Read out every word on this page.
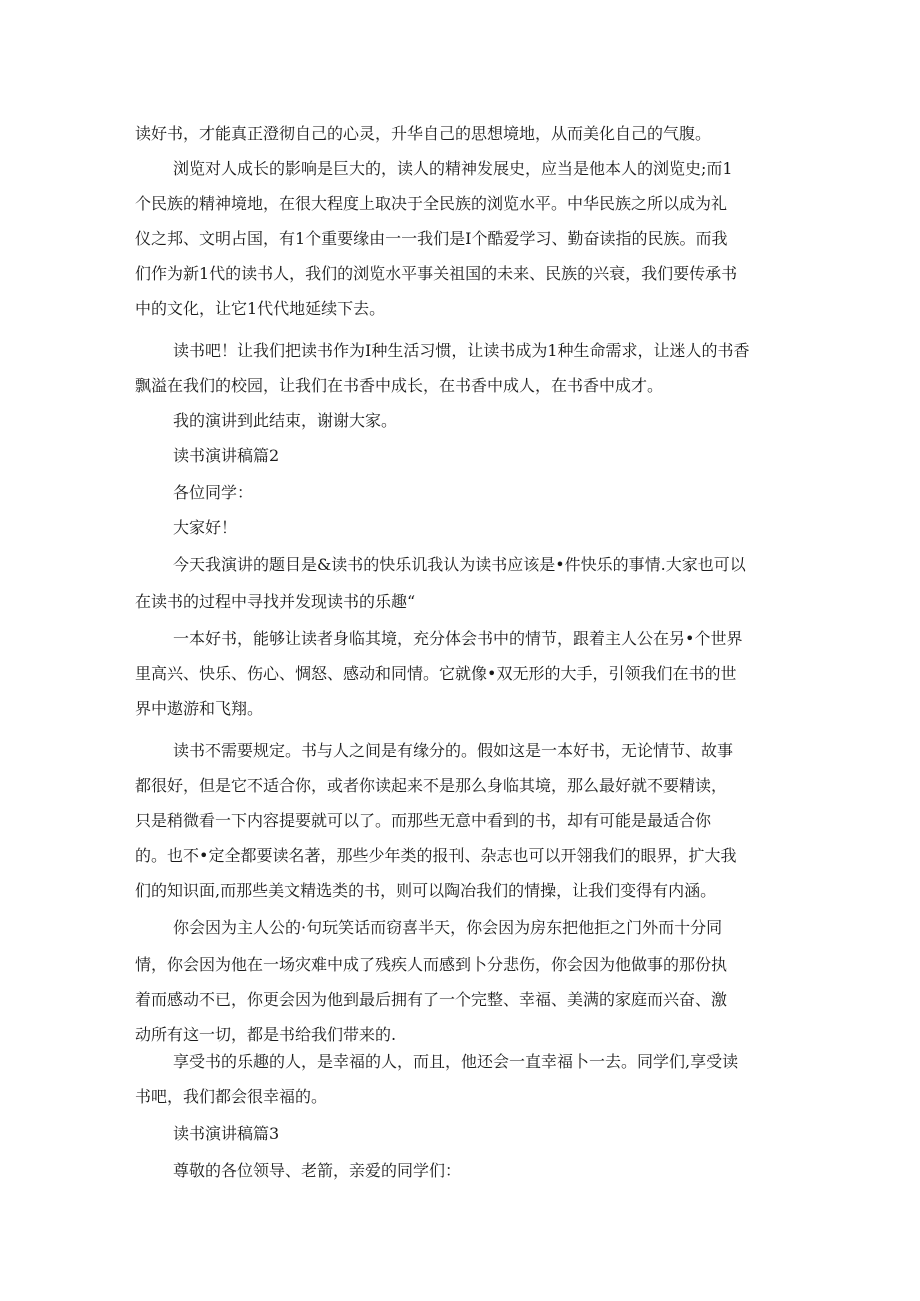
读好书，才能真正澄彻自己的心灵，升华自己的思想境地，从而美化自己的气腹。

浏览对人成长的影响是巨大的，读人的精神发展史，应当是他本人的浏览史;而1

个民族的精神境地，在很大程度上取决于全民族的浏览水平。中华民族之所以成为礼

仪之邦、文明占国，有1个重要缘由一一我们是I个酷爱学习、勤奋读指的民族。而我

们作为新1代的读书人，我们的浏览水平事关祖国的未来、民族的兴衰，我们要传承书

中的文化，让它1代代地延续下去。

读书吧！让我们把读书作为I种生活习惯，让读书成为1种生命需求，让迷人的书香

飘溢在我们的校园，让我们在书香中成长，在书香中成人，在书香中成才。

我的演讲到此结束，谢谢大家。

读书演讲稿篇2

各位同学：

大家好！

今天我演讲的题目是&读书的快乐讥我认为读书应该是•件快乐的事情.大家也可以

在读书的过程中寻找并发现读书的乐趣“

一本好书，能够让读者身临其境，充分体会书中的情节，跟着主人公在另•个世界

里高兴、快乐、伤心、惆怒、感动和同情。它就像•双无形的大手，引领我们在书的世

界中遨游和飞翔。

读书不需要规定。书与人之间是有缘分的。假如这是一本好书，无论情节、故事

都很好，但是它不适合你，或者你读起来不是那么身临其境，那么最好就不要精读，

只是稍微看一下内容提要就可以了。而那些无意中看到的书，却有可能是最适合你

的。也不•定全都要读名著，那些少年类的报刊、杂志也可以开翎我们的眼界，扩大我

们的知识面,而那些美文精选类的书，则可以陶冶我们的情操，让我们变得有内涵。

你会因为主人公的·句玩笑话而窃喜半天，你会因为房东把他拒之门外而十分同

情，你会因为他在一场灾难中成了残疾人而感到卜分悲伤，你会因为他做事的那份执

着而感动不已，你更会因为他到最后拥有了一个完整、幸福、美满的家庭而兴奋、激

动所有这一切，都是书给我们带来的.

享受书的乐趣的人，是幸福的人，而且，他还会一直幸福卜一去。同学们,享受读

书吧，我们都会很幸福的。

读书演讲稿篇3

尊敬的各位领导、老箭，亲爱的同学们：
